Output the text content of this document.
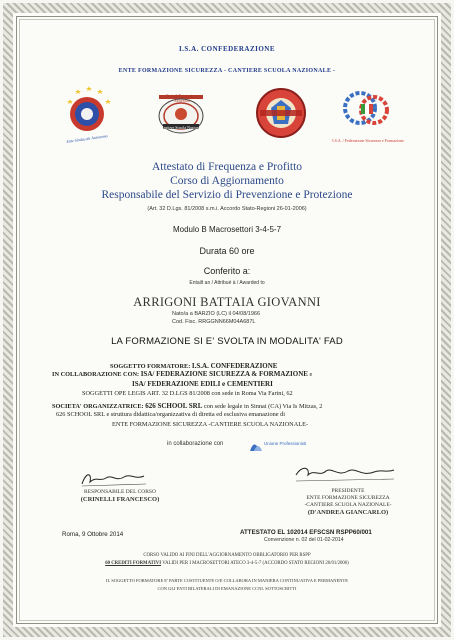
I.S.A. CONFEDERAZIONE
ENTE FORMAZIONE SICUREZZA - CANTIERE SCUOLA NAZIONALE -
Ente Sindacale Autonomo
Ente di Formazione Sicurezza
Cantiere Scuola Nazionale
I.S.A. / Federazione Sicurezza e Formazione
Attestato di Frequenza e Profitto
Corso di Aggiornamento
Responsabile del Servizio di Prevenzione e Protezione
(Art. 32 D.Lgs. 81/2008 s.m.i. Accordo Stato-Regioni 26-01-2006)
Modulo B Macrosettori 3-4-5-7
Durata 60 ore
Conferito a:
Entailt an / Attribué à / Awarded to
ARRIGONI BATTAIA GIOVANNI
Nato/a a BARZIO (LC) il 04/08/1966
Cod. Fisc. RRGGNN66M04A687L
LA FORMAZIONE SI E' SVOLTA IN MODALITA' FAD
SOGGETTO FORMATORE: I.S.A. CONFEDERAZIONE
IN COLLABORAZIONE CON: ISA/ FEDERAZIONE SICUREZZA & FORMAZIONE e
ISA/ FEDERAZIONE EDILI e CEMENTIERI
SOGGETTI OPE LEGIS ART. 32 D.LGS 81/2008 con sede in Roma Via Farini, 62
SOCIETA' ORGANIZZATRICE: 626 SCHOOL SRL con sede legale in Sinnai (CA) Via Is Mitzas, 2
626 SCHOOL SRL e struttura didattica/organizzativa di diretta ed esclusiva emanazione di
ENTE FORMAZIONE SICUREZZA -CANTIERE SCUOLA NAZIONALE-
in collaborazione con	Unione Professionisti
RESPONSABILE DEL CORSO
(CRINELLI FRANCESCO)
PRESIDENTE
ENTE FORMAZIONE SICUREZZA
-CANTIERE SCUOLA NAZIONALE-
(D'ANDREA GIANCARLO)
Roma, 9 Ottobre 2014	ATTESTATO EL 102014 EFSCSN RSPP60/001
Convenzione n. 02 del 01-02-2014
CORSO VALIDO AI FINI DELL'AGGIORNAMENTO OBBLIGATORIO PER RSPP
60 CREDITI FORMATIVI VALIDI PER I MACROSETTORI ATECO 3-4-5-7 (ACCORDO STATO REGIONI 26/01/2006)
IL SOGGETTO FORMATORE E' PARTE COSTITUENTE O/E COLLABORA IN MANIERA CONTINUATIVA E PERMANENTE
CON GLI ENTI BILATERALI DI EMANAZIONE CCNL SOTTOSCRITTI
